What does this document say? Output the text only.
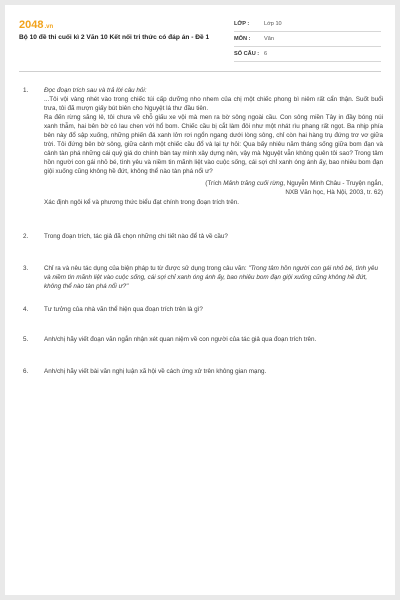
2048.vn
Bộ 10 đề thi cuối kì 2 Văn 10 Kết nối tri thức có đáp án - Đề 1
LỚP :	Lớp 10
MÔN :	Văn
SỐ CÂU : 6
1. Đọc đoạn trích sau và trả lời câu hỏi:
...Tôi vội vàng nhét vào trong chiếc túi cấp dưỡng nho nhem của chị một chiếc phong bì niêm rất cẩn thận. Suốt buổi trưa, tôi đã mượn giấy bút biên cho Nguyệt lá thư đầu tiên.
Ra đến rừng săng lẻ, tôi chưa về chỗ giấu xe vội mà men ra bờ sông ngoài cầu. Con sông miền Tây in đầy bóng núi xanh thẫm, hai bên bờ có lau chen với hổ bom. Chiếc cầu bị cắt làm đôi như một nhát rìu phang rất ngọt. Ba nhịp phía bên này đổ sập xuống, những phiến đá xanh lởn rơi ngổn ngang dưới lòng sông, chỉ còn hai hàng trụ đứng trơ vơ giữa trời. Tôi đứng bên bờ sông, giữa cảnh một chiếc cầu đổ và lại tự hỏi: Qua bấy nhiêu năm tháng sống giữa bom đạn và cảnh tàn phá những cái quý giá do chính bàn tay mình xây dựng nên, vậy mà Nguyệt vẫn không quên tôi sao? Trong tâm hồn người con gái nhỏ bé, tình yêu và niềm tin mãnh liệt vào cuộc sống, cái sợi chỉ xanh óng ánh ấy, bao nhiêu bom đạn giội xuống cũng không hề đứt, không thể nào tàn phá nổi ư?
(Trích Mảnh trăng cuối rừng, Nguyễn Minh Châu - Truyện ngắn,
NXB Văn học, Hà Nội, 2003, tr. 62)
Xác định ngôi kể và phương thức biểu đạt chính trong đoạn trích trên.
2. Trong đoạn trích, tác giả đã chọn những chi tiết nào để tả về cầu?
3. Chỉ ra và nêu tác dụng của biện pháp tu từ được sử dụng trong câu văn: "Trong tâm hồn người con gái nhỏ bé, tình yêu và niềm tin mãnh liệt vào cuộc sống, cái sợi chỉ xanh óng ánh ấy, bao nhiêu bom đạn giội xuống cũng không hề đứt, không thể nào tàn phá nổi ư?"
4. Tư tưởng của nhà văn thể hiện qua đoạn trích trên là gì?
5. Anh/chị hãy viết đoạn văn ngắn nhận xét quan niệm về con người của tác giả qua đoạn trích trên.
6. Anh/chị hãy viết bài văn nghị luận xã hội về cách ứng xử trên không gian mạng.
